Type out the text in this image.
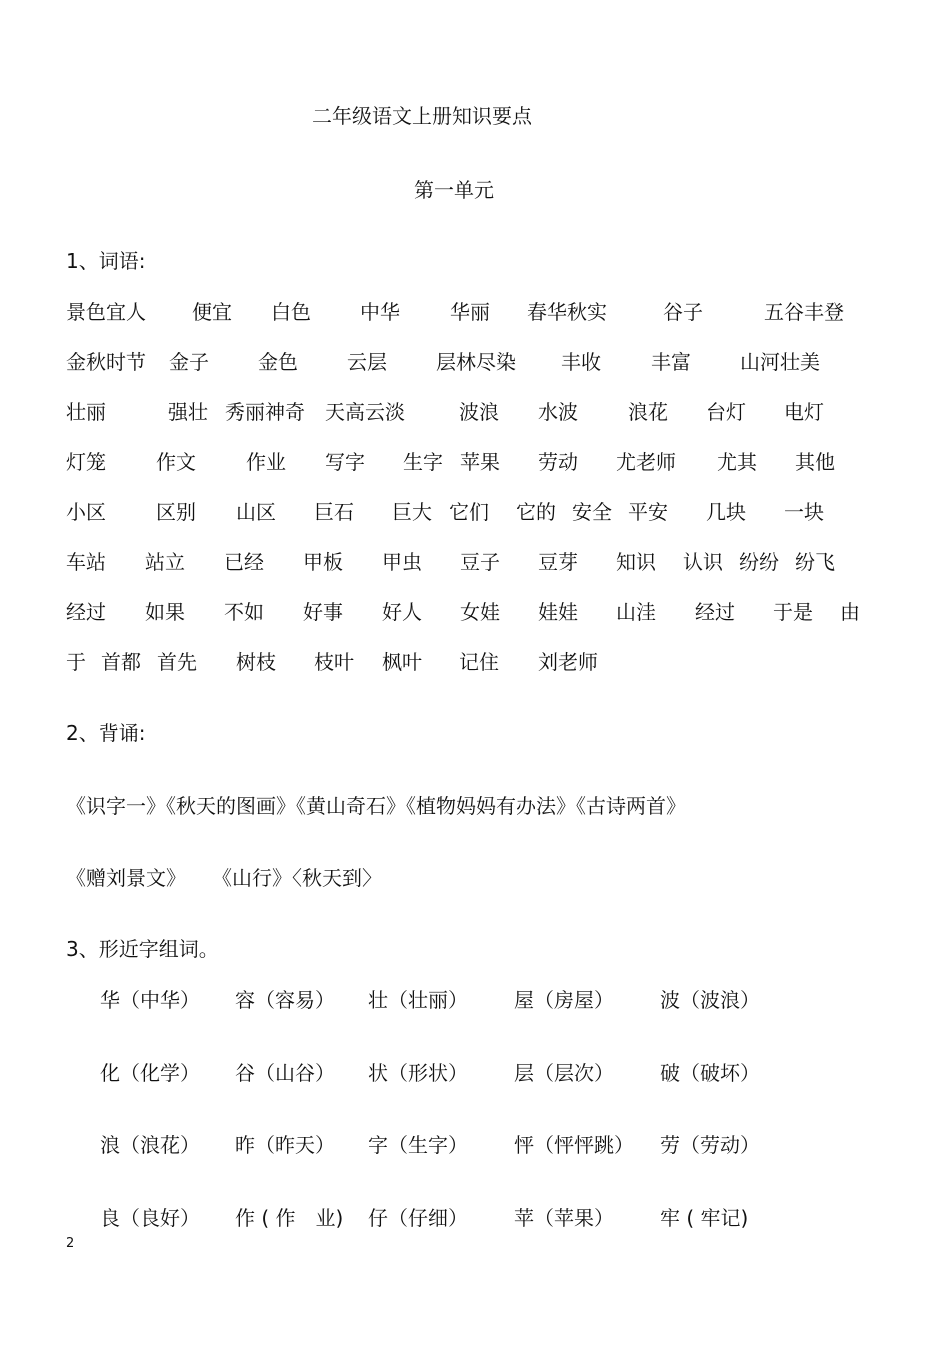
二年级语文上册知识要点
第一单元
1、词语:
景色宜人 便宜 白色 中华	华丽 春华秋实	谷子	五谷丰登
金秋时节 金子 金色 云层 层林尽染 丰收	丰富 山河壮美
壮丽	强壮 秀丽神奇 天高云淡	波浪 水波	浪花 台灯 电灯
灯笼	作文	作业 写字 生字 苹果 劳动 尤老师 尤其 其他
小区	区别 山区 巨石 巨大 它们 它的 安全 平安 几块 一块
车站 站立 已经 甲板 甲虫 豆子 豆芽 知识 认识 纷纷 纷飞
经过 如果 不如 好事 好人 女娃 娃娃 山洼 经过 于是 由
于 首都 首先 树枝 枝叶 枫叶 记住 刘老师
2、背诵:
《识字一》《秋天的图画》《黄山奇石》《植物妈妈有办法》《古诗两首》
《赠刘景文》 《山行》〈秋天到〉
3、形近字组词。
华（中华） 容（容易） 壮（壮丽） 屋（房屋） 波（波浪）
化（化学） 谷（山谷） 状（形状） 层（层次） 破（破坏）
浪（浪花） 昨（昨天） 字（生字） 怦（怦怦跳） 劳（劳动）
良（良好） 作 ( 作　业) 仔（仔细） 苹（苹果） 牢 ( 牢记)
2
